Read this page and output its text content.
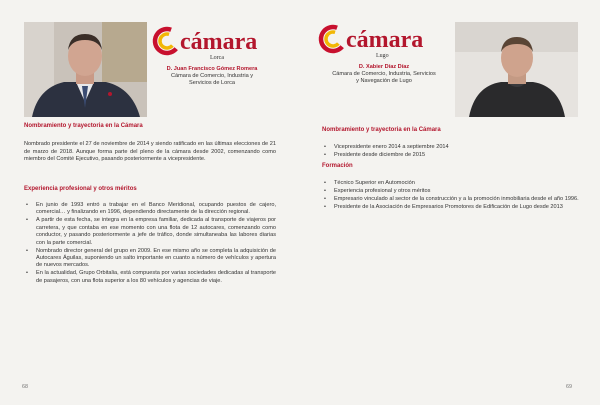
cámara
Lorca
D. Juan Francisco Gómez Romera
Cámara de Comercio, Industria y
Servicios de Lorca
Nombramiento y trayectoria en la Cámara
Nombrado presidente el 27 de noviembre de 2014 y siendo ratificado en las últimas elecciones de 21 de marzo de 2018. Aunque forma parte del pleno de la cámara desde 2002, comenzando como miembro del Comité Ejecutivo, pasando posteriormente a vicepresidente.
Experiencia profesional y otros méritos
• En junio de 1993 entró a trabajar en el Banco Meridional, ocupando puestos de cajero, comercial… y finalizando en 1996, dependiendo directamente de la dirección regional.
• A partir de esta fecha, se integra en la empresa familiar, dedicada al transporte de viajeros por carretera, y que contaba en ese momento con una flota de 12 autocares, comenzando como conductor, y pasando posteriormente a jefe de tráfico, donde simultaneaba las labores diarias con la parte comercial.
• Nombrado director general del grupo en 2009. En ese mismo año se completa la adquisición de Autocares Águilas, suponiendo un salto importante en cuanto a número de vehículos y apertura de nuevos mercados.
• En la actualidad, Grupo Orbitalia, está compuesta por varias sociedades dedicadas al transporte de pasajeros, con una flota superior a los 80 vehículos y agencias de viaje.
68
cámara
Lugo
D. Xabier Díaz Díaz
Cámara de Comercio, Industria, Servicios
y Navegación de Lugo
Nombramiento y trayectoria en la Cámara
• Vicepresidente enero 2014 a septiembre 2014
• Presidente desde diciembre de 2015
Formación
• Técnico Superior en Automoción
• Experiencia profesional y otros méritos
• Empresario vinculado al sector de la construcción y a la promoción inmobiliaria desde el año 1996.
• Presidente de la Asociación de Empresarios Promotores de Edificación de Lugo desde 2013
69
